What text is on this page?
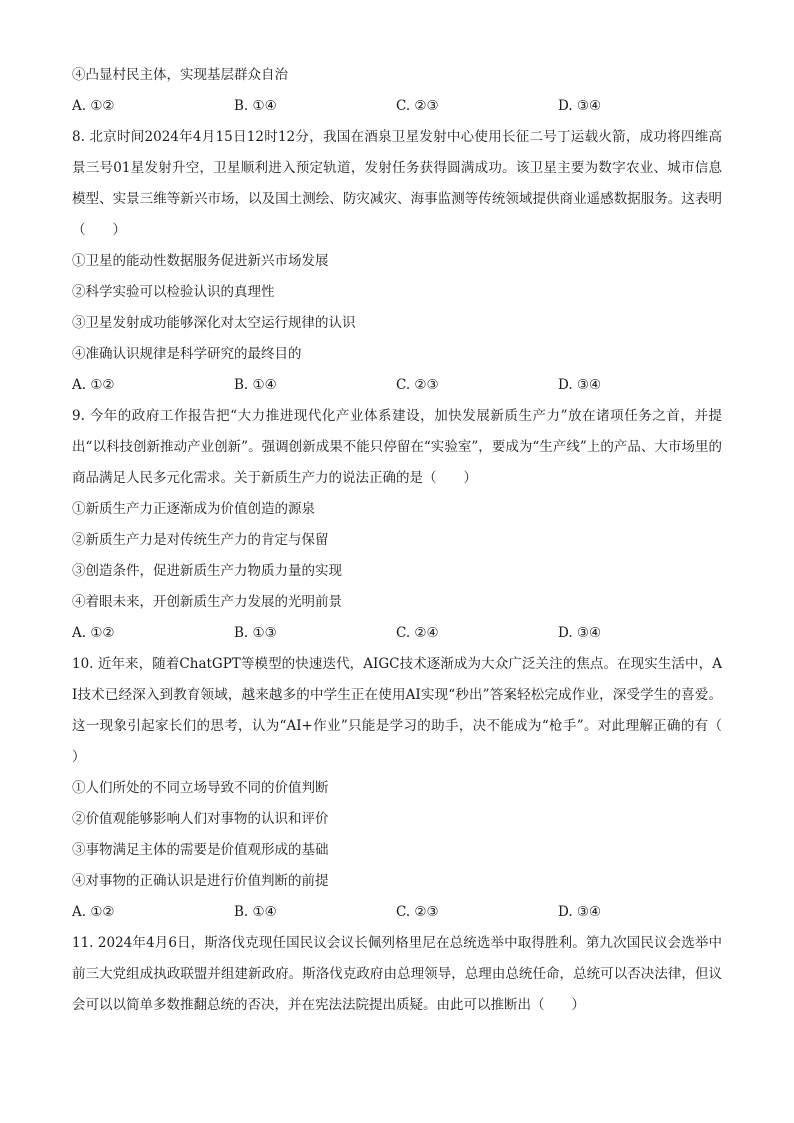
④凸显村民主体，实现基层群众自治
A. ①②	B. ①④	C. ②③	D. ③④
8. 北京时间2024年4月15日12时12分，我国在酒泉卫星发射中心使用长征二号丁运载火箭，成功将四维高景三号01星发射升空，卫星顺利进入预定轨道，发射任务获得圆满成功。该卫星主要为数字农业、城市信息模型、实景三维等新兴市场，以及国土测绘、防灾减灾、海事监测等传统领域提供商业遥感数据服务。这表明（　　）
①卫星的能动性数据服务促进新兴市场发展
②科学实验可以检验认识的真理性
③卫星发射成功能够深化对太空运行规律的认识
④准确认识规律是科学研究的最终目的
A. ①②	B. ①④	C. ②③	D. ③④
9. 今年的政府工作报告把“大力推进现代化产业体系建设，加快发展新质生产力”放在诸项任务之首，并提出“以科技创新推动产业创新”。强调创新成果不能只停留在“实验室”，要成为“生产线”上的产品、大市场里的商品满足人民多元化需求。关于新质生产力的说法正确的是（　　）
①新质生产力正逐渐成为价值创造的源泉
②新质生产力是对传统生产力的肯定与保留
③创造条件，促进新质生产力物质力量的实现
④着眼未来，开创新质生产力发展的光明前景
A. ①②	B. ①③	C. ②④	D. ③④
10. 近年来，随着ChatGPT等模型的快速迭代，AIGC技术逐渐成为大众广泛关注的焦点。在现实生活中，AI技术已经深入到教育领域，越来越多的中学生正在使用AI实现“秒出”答案轻松完成作业，深受学生的喜爱。这一现象引起家长们的思考，认为“AI+作业”只能是学习的助手，决不能成为“枪手”。对此理解正确的有（　　）
①人们所处的不同立场导致不同的价值判断
②价值观能够影响人们对事物的认识和评价
③事物满足主体的需要是价值观形成的基础
④对事物的正确认识是进行价值判断的前提
A. ①②	B. ①④	C. ②③	D. ③④
11. 2024年4月6日，斯洛伐克现任国民议会议长佩列格里尼在总统选举中取得胜利。第九次国民议会选举中前三大党组成执政联盟并组建新政府。斯洛伐克政府由总理领导，总理由总统任命，总统可以否决法律，但议会可以以简单多数推翻总统的否决，并在宪法法院提出质疑。由此可以推断出（　　）
